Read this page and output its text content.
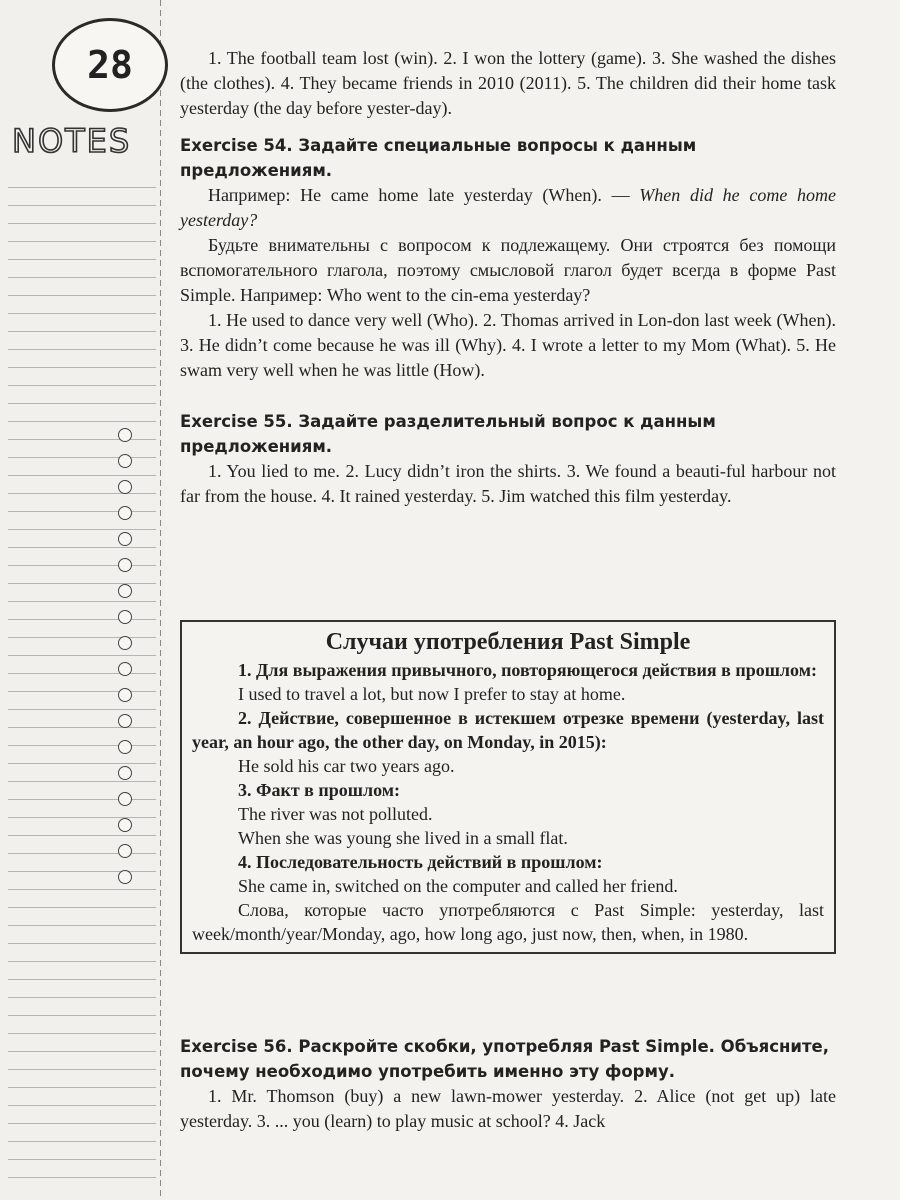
28
NOTES

1. The football team lost (win). 2. I won the lottery (game). 3. She washed the dishes (the clothes). 4. They became friends in 2010 (2011). 5. The children did their home task yesterday (the day before yester-day).

Exercise 54. Задайте специальные вопросы к данным предложениям.

Например: He came home late yesterday (When). — When did he come home yesterday?

Будьте внимательны с вопросом к подлежащему. Они строятся без помощи вспомогательного глагола, поэтому смысловой глагол будет всегда в форме Past Simple. Например: Who went to the cin-ema yesterday?

1. He used to dance very well (Who). 2. Thomas arrived in Lon-don last week (When). 3. He didn’t come because he was ill (Why). 4. I wrote a letter to my Mom (What). 5. He swam very well when he was little (How).

Exercise 55. Задайте разделительный вопрос к данным предложениям.

1. You lied to me. 2. Lucy didn’t iron the shirts. 3. We found a beauti-ful harbour not far from the house. 4. It rained yesterday. 5. Jim watched this film yesterday.

Случаи употребления Past Simple

1. Для выражения привычного, повторяющегося действия в прошлом:

I used to travel a lot, but now I prefer to stay at home.

2. Действие, совершенное в истекшем отрезке времени (yesterday, last year, an hour ago, the other day, on Monday, in 2015):

He sold his car two years ago.

3. Факт в прошлом:

The river was not polluted.

When she was young she lived in a small flat.

4. Последовательность действий в прошлом:

She came in, switched on the computer and called her friend.

Слова, которые часто употребляются с Past Simple: yesterday, last week/month/year/Monday, ago, how long ago, just now, then, when, in 1980.

Exercise 56. Раскройте скобки, употребляя Past Simple. Объясните, почему необходимо употребить именно эту форму.

1. Mr. Thomson (buy) a new lawn-mower yesterday. 2. Alice (not get up) late yesterday. 3. ... you (learn) to play music at school? 4. Jack
